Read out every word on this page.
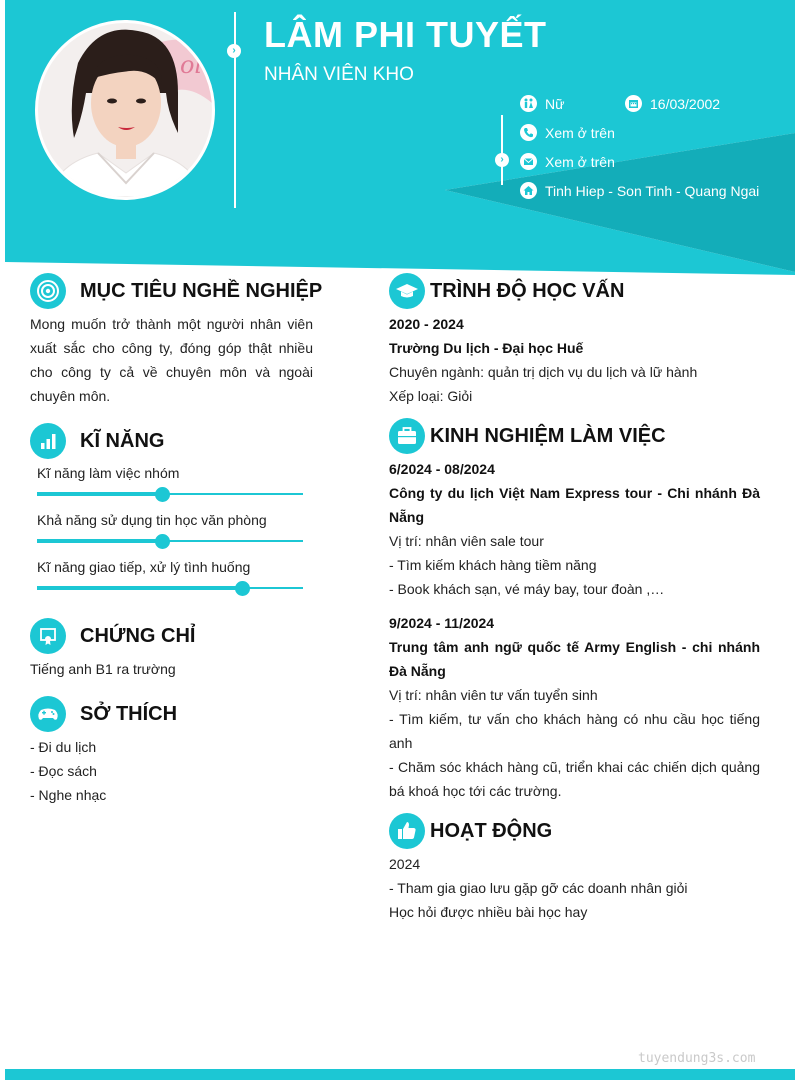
ol
› LÂM PHI TUYẾT
NHÂN VIÊN KHO
›
Nữ	16/03/2002
Xem ở trên
Xem ở trên
Tinh Hiep - Son Tinh - Quang Ngai
MỤC TIÊU NGHỀ NGHIỆP
Mong muốn trở thành một người nhân viên xuất sắc cho công ty, đóng góp thật nhiều cho công ty cả về chuyên môn và ngoài chuyên môn.
KĨ NĂNG
Kĩ năng làm việc nhóm
Khả năng sử dụng tin học văn phòng
Kĩ năng giao tiếp, xử lý tình huống
CHỨNG CHỈ
Tiếng anh B1 ra trường
SỞ THÍCH
- Đi du lịch
- Đọc sách
- Nghe nhạc
TRÌNH ĐỘ HỌC VẤN
2020 - 2024
Trường Du lịch - Đại học Huế
Chuyên ngành: quản trị dịch vụ du lịch và lữ hành
Xếp loại: Giỏi
KINH NGHIỆM LÀM VIỆC
6/2024 - 08/2024
Công ty du lịch Việt Nam Express tour - Chi nhánh Đà Nẵng
Vị trí: nhân viên sale tour
- Tìm kiếm khách hàng tiềm năng
- Book khách sạn, vé máy bay, tour đoàn ,…
9/2024 - 11/2024
Trung tâm anh ngữ quốc tế Army English - chi nhánh Đà Nẵng
Vị trí: nhân viên tư vấn tuyển sinh
- Tìm kiếm, tư vấn cho khách hàng có nhu cầu học tiếng anh
- Chăm sóc khách hàng cũ, triển khai các chiến dịch quảng bá khoá học tới các trường.
HOẠT ĐỘNG
2024
- Tham gia giao lưu gặp gỡ các doanh nhân giỏi
Học hỏi được nhiều bài học hay
tuyendung3s.com
